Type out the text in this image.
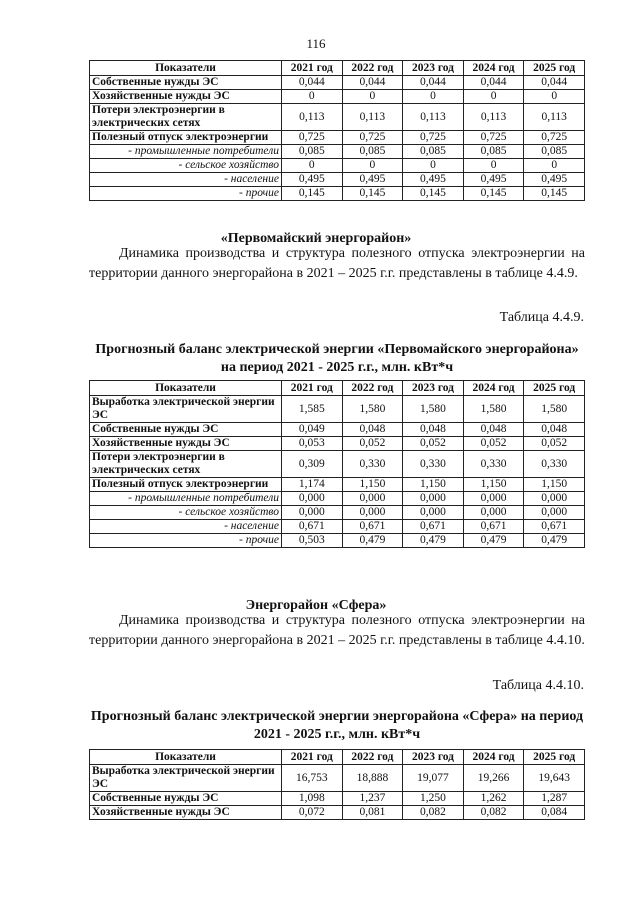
116
Показатели	2021 год	2022 год	2023 год	2024 год	2025 год
Собственные нужды ЭС	0,044	0,044	0,044	0,044	0,044
Хозяйственные нужды ЭС	0	0	0	0	0
Потери электроэнергии в электрических сетях	0,113	0,113	0,113	0,113	0,113
Полезный отпуск электроэнергии	0,725	0,725	0,725	0,725	0,725
- промышленные потребители	0,085	0,085	0,085	0,085	0,085
- сельское хозяйство	0	0	0	0	0
- население	0,495	0,495	0,495	0,495	0,495
- прочие	0,145	0,145	0,145	0,145	0,145
«Первомайский энергорайон»
Динамика производства и структура полезного отпуска электроэнергии на территории данного энергорайона в 2021 – 2025 г.г. представлены в таблице 4.4.9.
Таблица 4.4.9.
Прогнозный баланс электрической энергии «Первомайского энергорайона» на период 2021 - 2025 г.г., млн. кВт*ч
Показатели	2021 год	2022 год	2023 год	2024 год	2025 год
Выработка электрической энергии ЭС	1,585	1,580	1,580	1,580	1,580
Собственные нужды ЭС	0,049	0,048	0,048	0,048	0,048
Хозяйственные нужды ЭС	0,053	0,052	0,052	0,052	0,052
Потери электроэнергии в электрических сетях	0,309	0,330	0,330	0,330	0,330
Полезный отпуск электроэнергии	1,174	1,150	1,150	1,150	1,150
- промышленные потребители	0,000	0,000	0,000	0,000	0,000
- сельское хозяйство	0,000	0,000	0,000	0,000	0,000
- население	0,671	0,671	0,671	0,671	0,671
- прочие	0,503	0,479	0,479	0,479	0,479
Энергорайон «Сфера»
Динамика производства и структура полезного отпуска электроэнергии на территории данного энергорайона в 2021 – 2025 г.г. представлены в таблице 4.4.10.
Таблица 4.4.10.
Прогнозный баланс электрической энергии энергорайона «Сфера» на период 2021 - 2025 г.г., млн. кВт*ч
Показатели	2021 год	2022 год	2023 год	2024 год	2025 год
Выработка электрической энергии ЭС	16,753	18,888	19,077	19,266	19,643
Собственные нужды ЭС	1,098	1,237	1,250	1,262	1,287
Хозяйственные нужды ЭС	0,072	0,081	0,082	0,082	0,084
